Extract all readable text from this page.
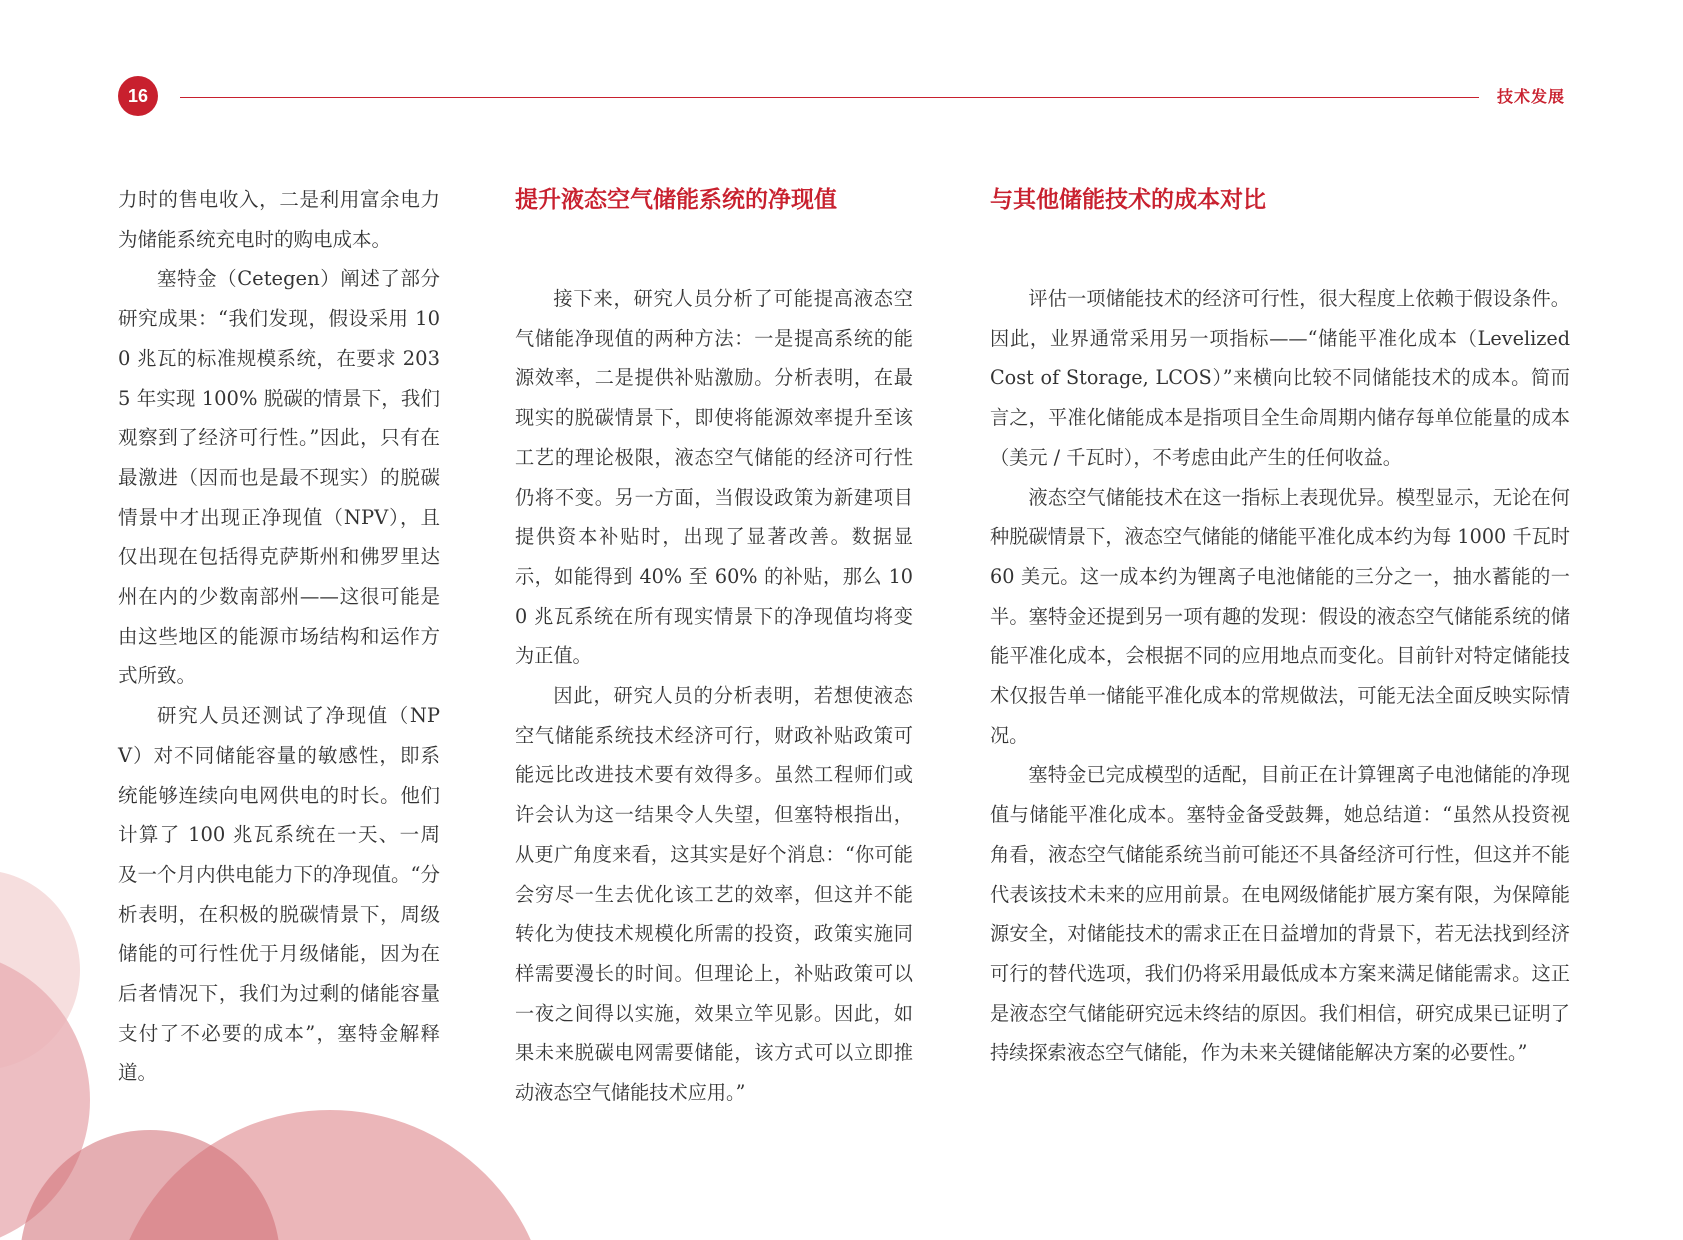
16	技术发展

力时的售电收入，二是利用富余电力为储能系统充电时的购电成本。

塞特金（Cetegen）阐述了部分研究成果：“我们发现，假设采用 100 兆瓦的标准规模系统，在要求 2035 年实现 100% 脱碳的情景下，我们观察到了经济可行性。”因此，只有在最激进（因而也是最不现实）的脱碳情景中才出现正净现值（NPV），且仅出现在包括得克萨斯州和佛罗里达州在内的少数南部州——这很可能是由这些地区的能源市场结构和运作方式所致。

研究人员还测试了净现值（NPV）对不同储能容量的敏感性，即系统能够连续向电网供电的时长。他们计算了 100 兆瓦系统在一天、一周及一个月内供电能力下的净现值。“分析表明，在积极的脱碳情景下，周级储能的可行性优于月级储能，因为在后者情况下，我们为过剩的储能容量支付了不必要的成本”，塞特金解释道。

提升液态空气储能系统的净现值

接下来，研究人员分析了可能提高液态空气储能净现值的两种方法：一是提高系统的能源效率，二是提供补贴激励。分析表明，在最现实的脱碳情景下，即使将能源效率提升至该工艺的理论极限，液态空气储能的经济可行性仍将不变。另一方面，当假设政策为新建项目提供资本补贴时，出现了显著改善。数据显示，如能得到 40% 至 60% 的补贴，那么 100 兆瓦系统在所有现实情景下的净现值均将变为正值。

因此，研究人员的分析表明，若想使液态空气储能系统技术经济可行，财政补贴政策可能远比改进技术要有效得多。虽然工程师们或许会认为这一结果令人失望，但塞特根指出，从更广角度来看，这其实是好个消息：“你可能会穷尽一生去优化该工艺的效率，但这并不能转化为使技术规模化所需的投资，政策实施同样需要漫长的时间。但理论上，补贴政策可以一夜之间得以实施，效果立竿见影。因此，如果未来脱碳电网需要储能，该方式可以立即推动液态空气储能技术应用。”

与其他储能技术的成本对比

评估一项储能技术的经济可行性，很大程度上依赖于假设条件。因此，业界通常采用另一项指标——“储能平准化成本（Levelized Cost of Storage, LCOS）”来横向比较不同储能技术的成本。简而言之，平准化储能成本是指项目全生命周期内储存每单位能量的成本（美元 / 千瓦时），不考虑由此产生的任何收益。

液态空气储能技术在这一指标上表现优异。模型显示，无论在何种脱碳情景下，液态空气储能的储能平准化成本约为每 1000 千瓦时 60 美元。这一成本约为锂离子电池储能的三分之一，抽水蓄能的一半。塞特金还提到另一项有趣的发现：假设的液态空气储能系统的储能平准化成本，会根据不同的应用地点而变化。目前针对特定储能技术仅报告单一储能平准化成本的常规做法，可能无法全面反映实际情况。

塞特金已完成模型的适配，目前正在计算锂离子电池储能的净现值与储能平准化成本。塞特金备受鼓舞，她总结道：“虽然从投资视角看，液态空气储能系统当前可能还不具备经济可行性，但这并不能代表该技术未来的应用前景。在电网级储能扩展方案有限，为保障能源安全，对储能技术的需求正在日益增加的背景下，若无法找到经济可行的替代选项，我们仍将采用最低成本方案来满足储能需求。这正是液态空气储能研究远未终结的原因。我们相信，研究成果已证明了持续探索液态空气储能，作为未来关键储能解决方案的必要性。”
